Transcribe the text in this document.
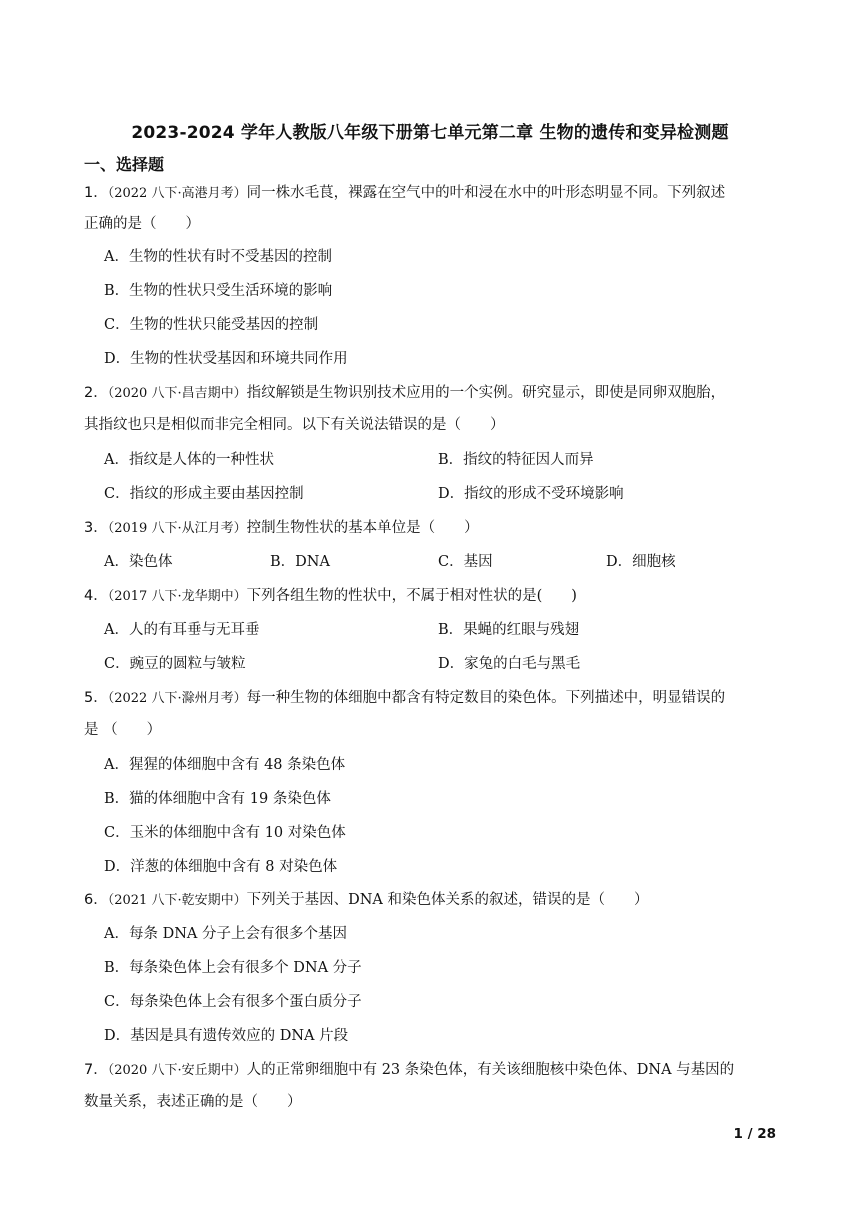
2023-2024 学年人教版八年级下册第七单元第二章 生物的遗传和变异检测题
一、选择题
1．（2022 八下·高港月考）同一株水毛茛，裸露在空气中的叶和浸在水中的叶形态明显不同。下列叙述
正确的是（　　）
A．生物的性状有时不受基因的控制
B．生物的性状只受生活环境的影响
C．生物的性状只能受基因的控制
D．生物的性状受基因和环境共同作用
2．（2020 八下·昌吉期中）指纹解锁是生物识别技术应用的一个实例。研究显示，即使是同卵双胞胎，
其指纹也只是相似而非完全相同。以下有关说法错误的是（　　）
A．指纹是人体的一种性状	B．指纹的特征因人而异
C．指纹的形成主要由基因控制	D．指纹的形成不受环境影响
3．（2019 八下·从江月考）控制生物性状的基本单位是（　　）
A．染色体	B．DNA	C．基因	D．细胞核
4．（2017 八下·龙华期中）下列各组生物的性状中，不属于相对性状的是(　　)
A．人的有耳垂与无耳垂	B．果蝇的红眼与残翅
C．豌豆的圆粒与皱粒	D．家兔的白毛与黑毛
5．（2022 八下·滁州月考）每一种生物的体细胞中都含有特定数目的染色体。下列描述中，明显错误的
是 （　　）
A．猩猩的体细胞中含有 48 条染色体
B．猫的体细胞中含有 19 条染色体
C．玉米的体细胞中含有 10 对染色体
D．洋葱的体细胞中含有 8 对染色体
6．（2021 八下·乾安期中）下列关于基因、DNA 和染色体关系的叙述，错误的是（　　）
A．每条 DNA 分子上会有很多个基因
B．每条染色体上会有很多个 DNA 分子
C．每条染色体上会有很多个蛋白质分子
D．基因是具有遗传效应的 DNA 片段
7．（2020 八下·安丘期中）人的正常卵细胞中有 23 条染色体，有关该细胞核中染色体、DNA 与基因的
数量关系，表述正确的是（　　）
1 / 28
